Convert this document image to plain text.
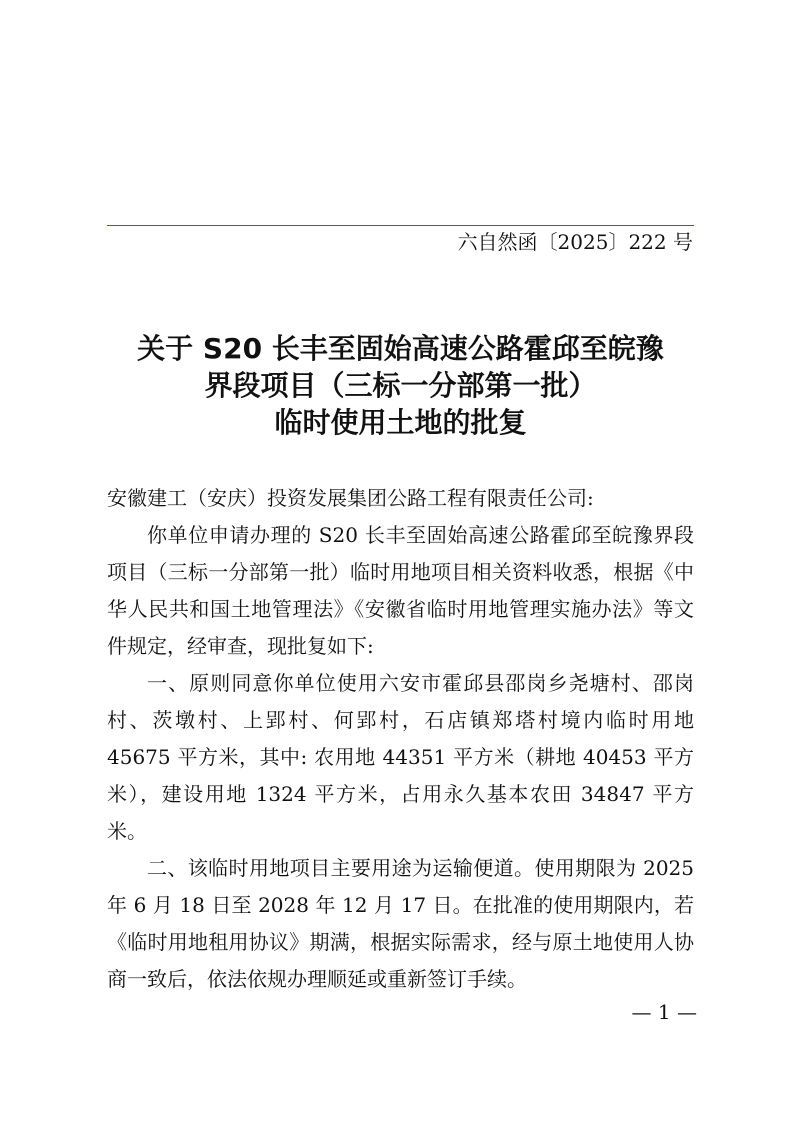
六自然函〔2025〕222 号
关于 S20 长丰至固始高速公路霍邱至皖豫
界段项目（三标一分部第一批）
临时使用土地的批复

安徽建工（安庆）投资发展集团公路工程有限责任公司:

你单位申请办理的 S20 长丰至固始高速公路霍邱至皖豫界段项目（三标一分部第一批）临时用地项目相关资料收悉，根据《中华人民共和国土地管理法》《安徽省临时用地管理实施办法》等文件规定，经审查，现批复如下:

一、原则同意你单位使用六安市霍邱县邵岗乡尧塘村、邵岗村、茨墩村、上郢村、何郢村，石店镇郑塔村境内临时用地 45675 平方米，其中: 农用地 44351 平方米（耕地 40453 平方米），建设用地 1324 平方米，占用永久基本农田 34847 平方米。

二、该临时用地项目主要用途为运输便道。使用期限为 2025 年 6 月 18 日至 2028 年 12 月 17 日。在批准的使用期限内，若《临时用地租用协议》期满，根据实际需求，经与原土地使用人协商一致后，依法依规办理顺延或重新签订手续。

— 1 —
